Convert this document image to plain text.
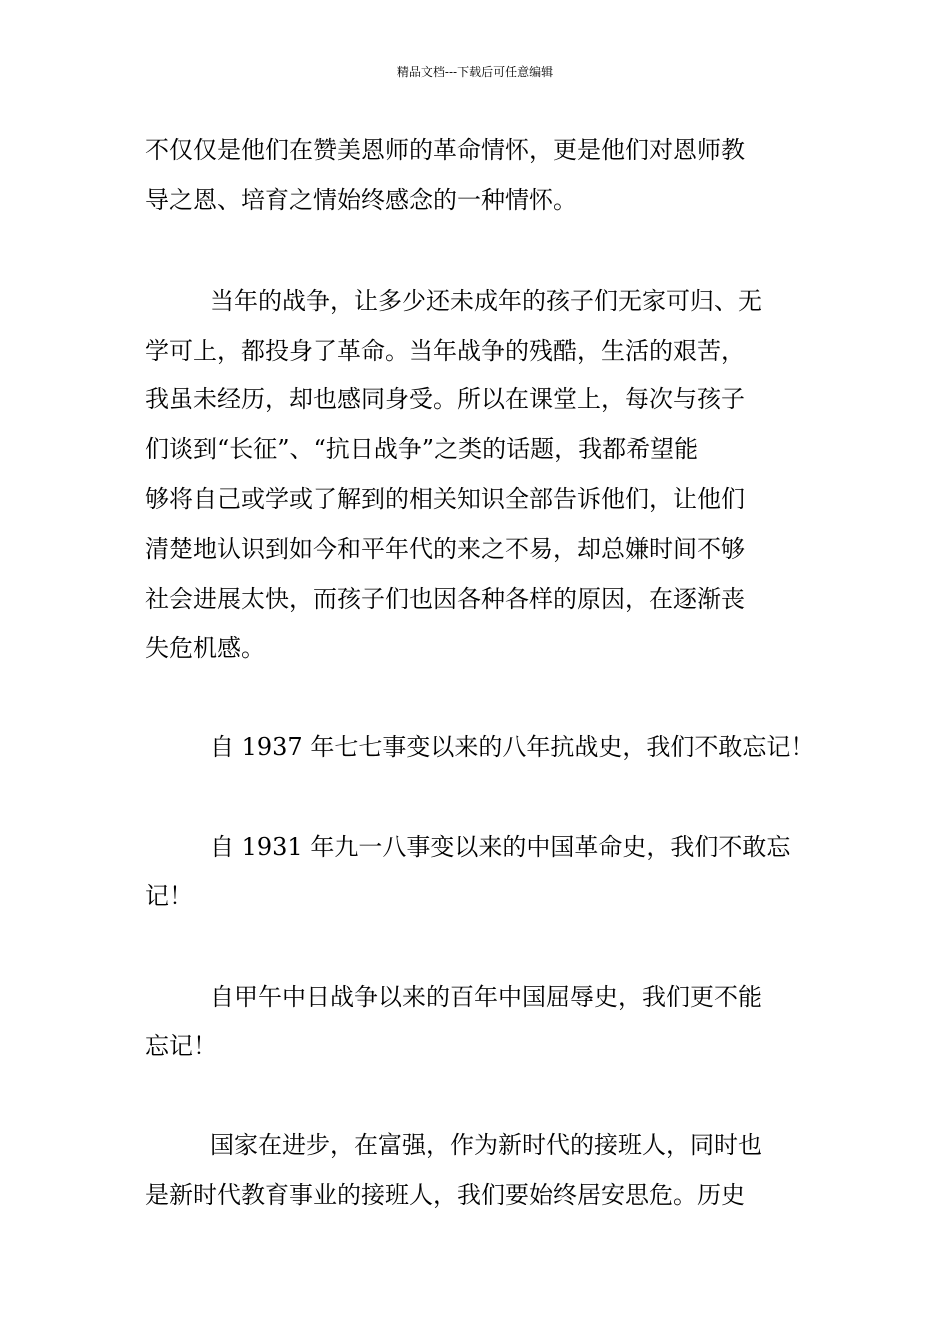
精品文档---下载后可任意编辑
不仅仅是他们在赞美恩师的革命情怀，更是他们对恩师教
导之恩、培育之情始终感念的一种情怀。
当年的战争，让多少还未成年的孩子们无家可归、无
学可上，都投身了革命。当年战争的残酷，生活的艰苦，
我虽未经历，却也感同身受。所以在课堂上，每次与孩子
们谈到“长征”、“抗日战争”之类的话题，我都希望能
够将自己或学或了解到的相关知识全部告诉他们，让他们
清楚地认识到如今和平年代的来之不易，却总嫌时间不够
社会进展太快，而孩子们也因各种各样的原因，在逐渐丧
失危机感。
自 1937 年七七事变以来的八年抗战史，我们不敢忘记！
自 1931 年九一八事变以来的中国革命史，我们不敢忘
记！
自甲午中日战争以来的百年中国屈辱史，我们更不能
忘记！
国家在进步，在富强，作为新时代的接班人，同时也
是新时代教育事业的接班人，我们要始终居安思危。历史
